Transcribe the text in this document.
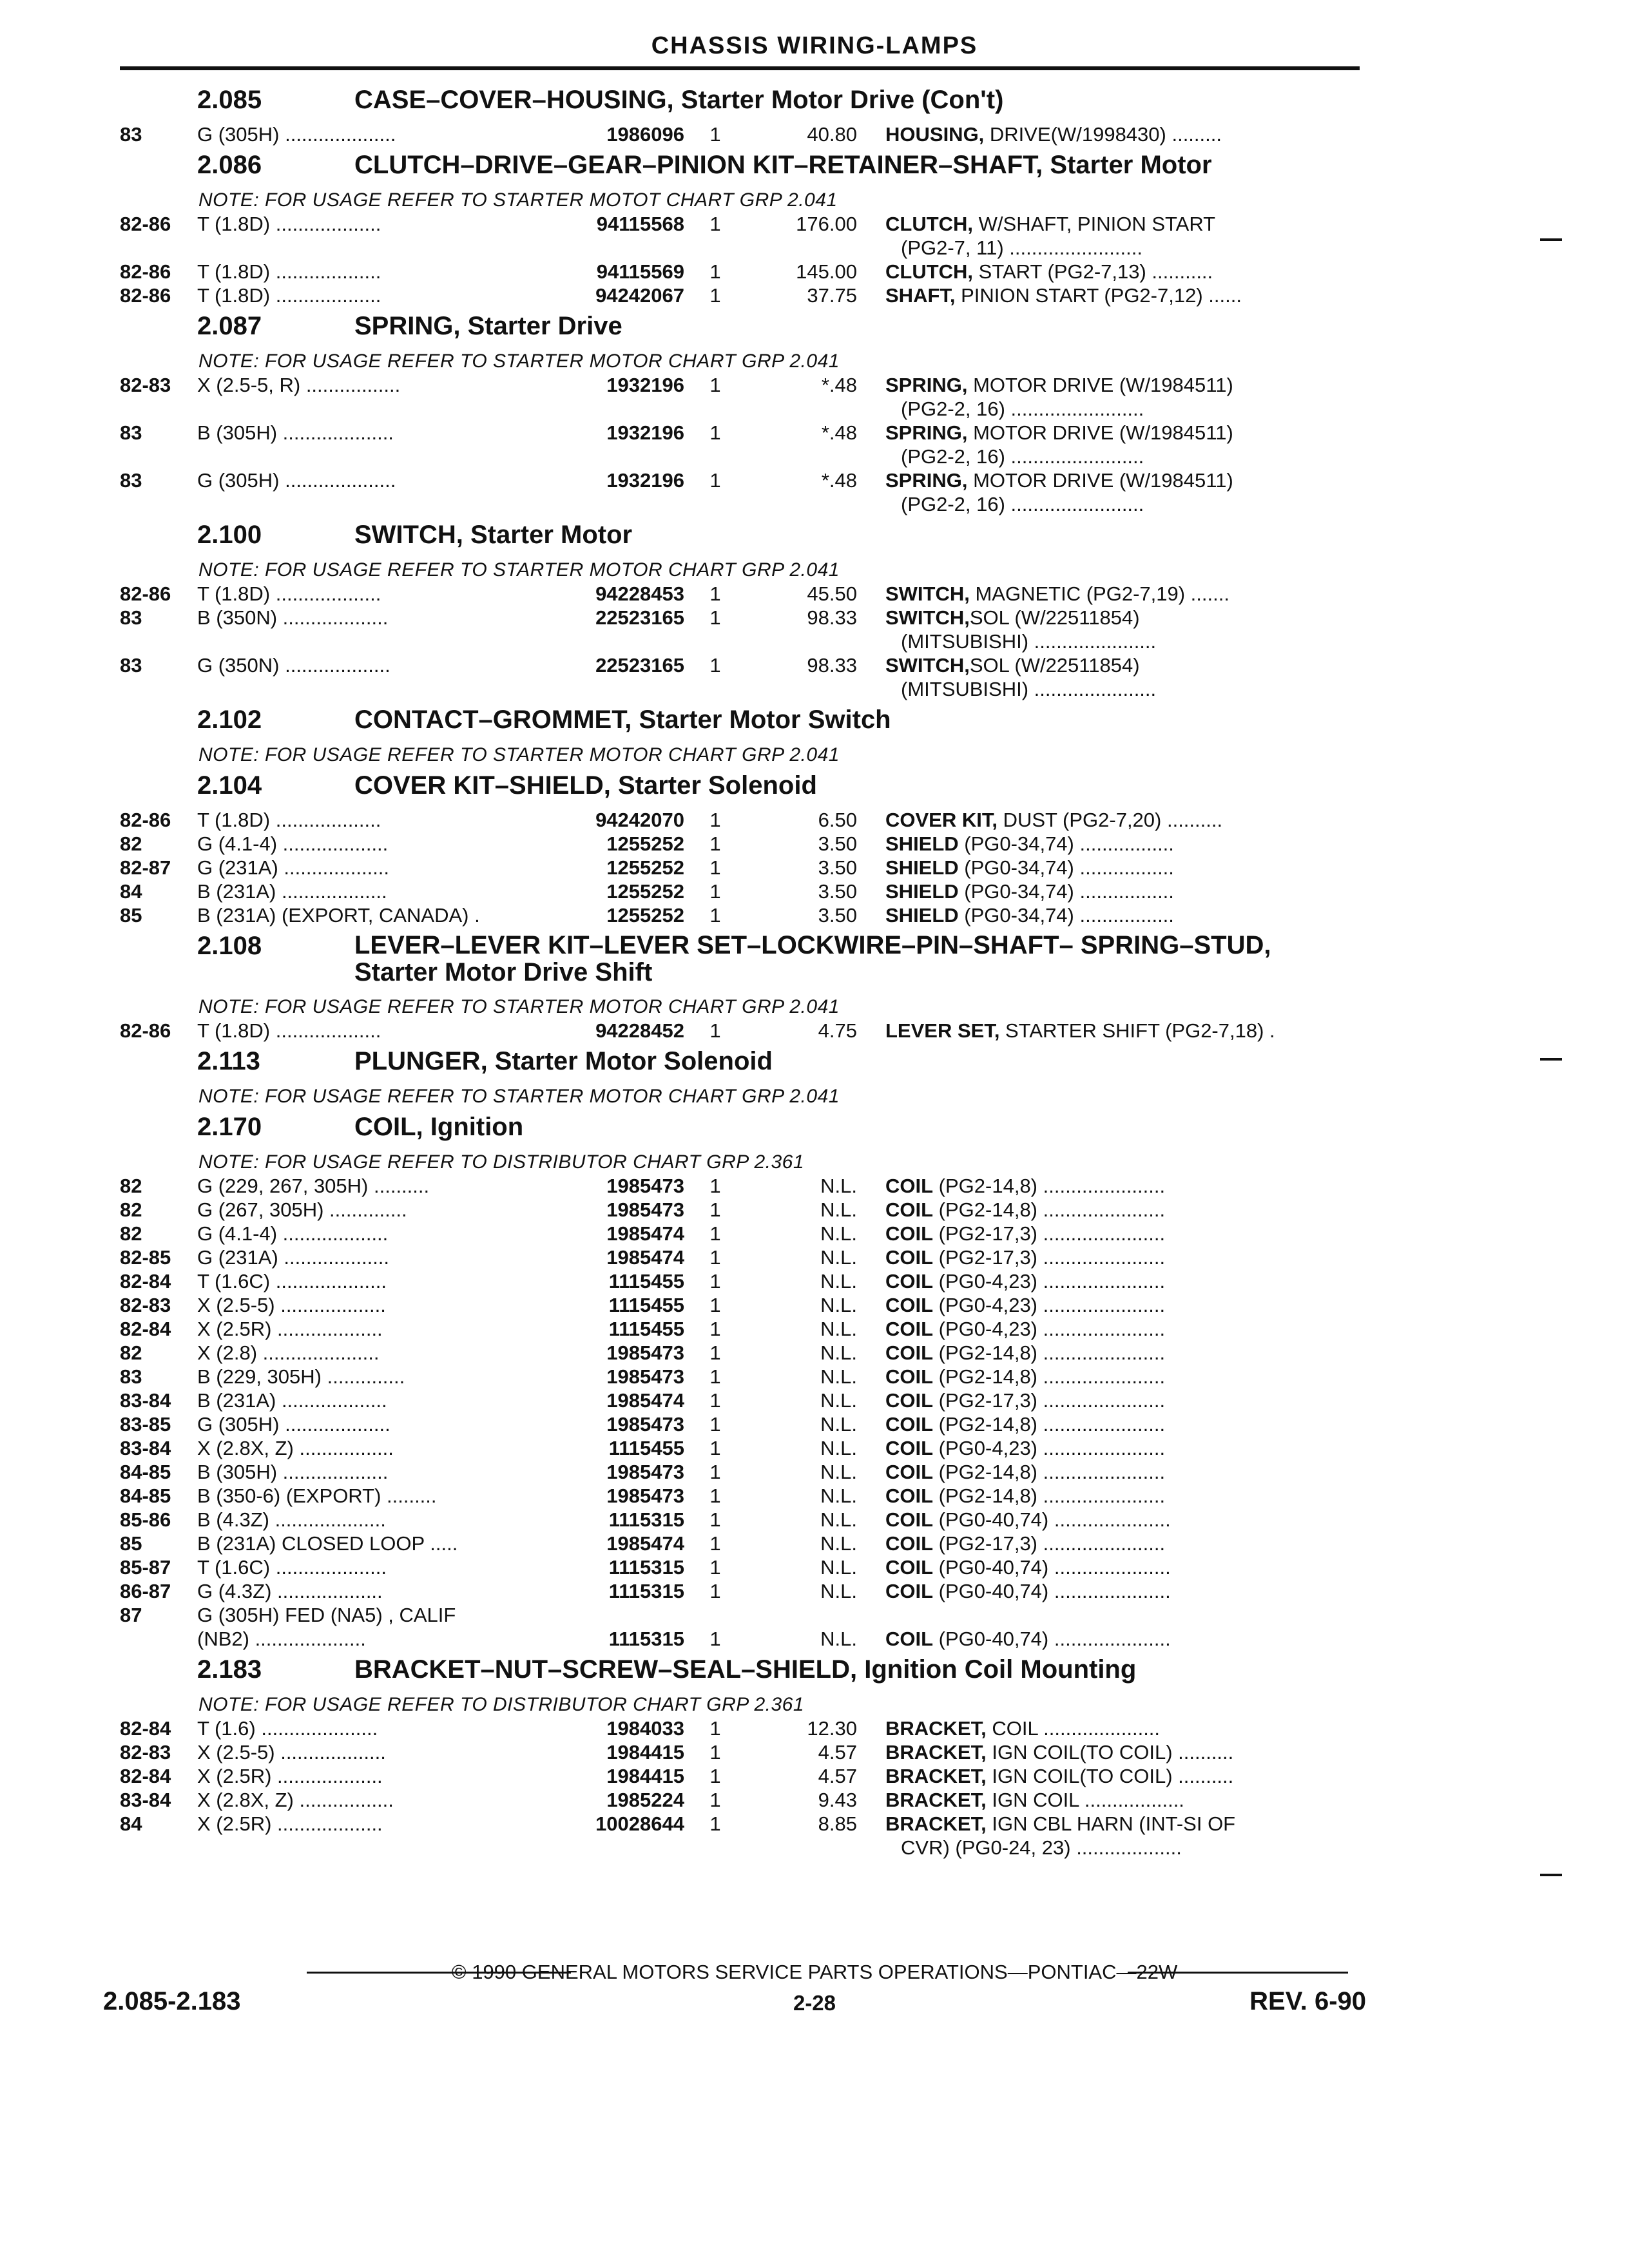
CHASSIS WIRING-LAMPS
2.085	CASE–COVER–HOUSING, Starter Motor Drive (Con't)
83	G (305H) ....................	1986096	1	40.80 HOUSING, DRIVE(W/1998430) .........
2.086	CLUTCH–DRIVE–GEAR–PINION KIT–RETAINER–SHAFT, Starter Motor
NOTE: FOR USAGE REFER TO STARTER MOTOT CHART GRP 2.041
82-86 T (1.8D) ...................	94115568	1	176.00 CLUTCH, W/SHAFT, PINION START
(PG2-7, 11) ........................
82-86 T (1.8D) ...................	94115569	1	145.00 CLUTCH, START (PG2-7,13) ...........
82-86 T (1.8D) ...................	94242067	1	37.75 SHAFT, PINION START (PG2-7,12) ......
2.087	SPRING, Starter Drive
NOTE: FOR USAGE REFER TO STARTER MOTOR CHART GRP 2.041
82-83 X (2.5-5, R) .................	1932196	1	*.48 SPRING, MOTOR DRIVE (W/1984511)
(PG2-2, 16) ........................
83	B (305H) ....................	1932196	1	*.48 SPRING, MOTOR DRIVE (W/1984511)
(PG2-2, 16) ........................
83	G (305H) ....................	1932196	1	*.48 SPRING, MOTOR DRIVE (W/1984511)
(PG2-2, 16) ........................
2.100	SWITCH, Starter Motor
NOTE: FOR USAGE REFER TO STARTER MOTOR CHART GRP 2.041
82-86 T (1.8D) ...................	94228453	1	45.50 SWITCH, MAGNETIC (PG2-7,19) .......
83	B (350N) ...................	22523165	1	98.33 SWITCH,SOL (W/22511854)
(MITSUBISHI) ......................
83	G (350N) ...................	22523165	1	98.33 SWITCH,SOL (W/22511854)
(MITSUBISHI) ......................
2.102	CONTACT–GROMMET, Starter Motor Switch
NOTE: FOR USAGE REFER TO STARTER MOTOR CHART GRP 2.041
2.104	COVER KIT–SHIELD, Starter Solenoid
82-86 T (1.8D) ...................	94242070	1	6.50 COVER KIT, DUST (PG2-7,20) ..........
82	G (4.1-4) ...................	1255252	1	3.50 SHIELD (PG0-34,74) .................
82-87 G (231A) ...................	1255252	1	3.50 SHIELD (PG0-34,74) .................
84	B (231A) ...................	1255252	1	3.50 SHIELD (PG0-34,74) .................
85	B (231A) (EXPORT, CANADA) .	1255252	1	3.50 SHIELD (PG0-34,74) .................
2.108	LEVER–LEVER KIT–LEVER SET–LOCKWIRE–PIN–SHAFT– SPRING–STUD, Starter Motor Drive Shift
NOTE: FOR USAGE REFER TO STARTER MOTOR CHART GRP 2.041
82-86 T (1.8D) ...................	94228452	1	4.75 LEVER SET, STARTER SHIFT (PG2-7,18) .
2.113	PLUNGER, Starter Motor Solenoid
NOTE: FOR USAGE REFER TO STARTER MOTOR CHART GRP 2.041
2.170	COIL, Ignition
NOTE: FOR USAGE REFER TO DISTRIBUTOR CHART GRP 2.361
82	G (229, 267, 305H) ..........	1985473	1	N.L. COIL (PG2-14,8) ......................
82	G (267, 305H) ..............	1985473	1	N.L. COIL (PG2-14,8) ......................
82	G (4.1-4) ...................	1985474	1	N.L. COIL (PG2-17,3) ......................
82-85 G (231A) ...................	1985474	1	N.L. COIL (PG2-17,3) ......................
82-84 T (1.6C) ....................	1115455	1	N.L. COIL (PG0-4,23) ......................
82-83 X (2.5-5) ...................	1115455	1	N.L. COIL (PG0-4,23) ......................
82-84 X (2.5R) ...................	1115455	1	N.L. COIL (PG0-4,23) ......................
82	X (2.8) .....................	1985473	1	N.L. COIL (PG2-14,8) ......................
83	B (229, 305H) ..............	1985473	1	N.L. COIL (PG2-14,8) ......................
83-84 B (231A) ...................	1985474	1	N.L. COIL (PG2-17,3) ......................
83-85 G (305H) ...................	1985473	1	N.L. COIL (PG2-14,8) ......................
83-84 X (2.8X, Z) .................	1115455	1	N.L. COIL (PG0-4,23) ......................
84-85 B (305H) ...................	1985473	1	N.L. COIL (PG2-14,8) ......................
84-85 B (350-6) (EXPORT) .........	1985473	1	N.L. COIL (PG2-14,8) ......................
85-86 B (4.3Z) ....................	1115315	1	N.L. COIL (PG0-40,74) .....................
85	B (231A) CLOSED LOOP .....	1985474	1	N.L. COIL (PG2-17,3) ......................
85-87 T (1.6C) ....................	1115315	1	N.L. COIL (PG0-40,74) .....................
86-87 G (4.3Z) ...................	1115315	1	N.L. COIL (PG0-40,74) .....................
87	G (305H) FED (NA5) , CALIF
(NB2) ....................	1115315	1	N.L. COIL (PG0-40,74) .....................
2.183	BRACKET–NUT–SCREW–SEAL–SHIELD, Ignition Coil Mounting
NOTE: FOR USAGE REFER TO DISTRIBUTOR CHART GRP 2.361
82-84 T (1.6) .....................	1984033	1	12.30 BRACKET, COIL .....................
82-83 X (2.5-5) ...................	1984415	1	4.57 BRACKET, IGN COIL(TO COIL) ..........
82-84 X (2.5R) ...................	1984415	1	4.57 BRACKET, IGN COIL(TO COIL) ..........
83-84 X (2.8X, Z) .................	1985224	1	9.43 BRACKET, IGN COIL ..................
84	X (2.5R) ...................	10028644	1	8.85 BRACKET, IGN CBL HARN (INT-SI OF
CVR) (PG0-24, 23) ...................
© 1990 GENERAL MOTORS SERVICE PARTS OPERATIONS—PONTIAC—22W
2.085-2.183	2-28	REV. 6-90
